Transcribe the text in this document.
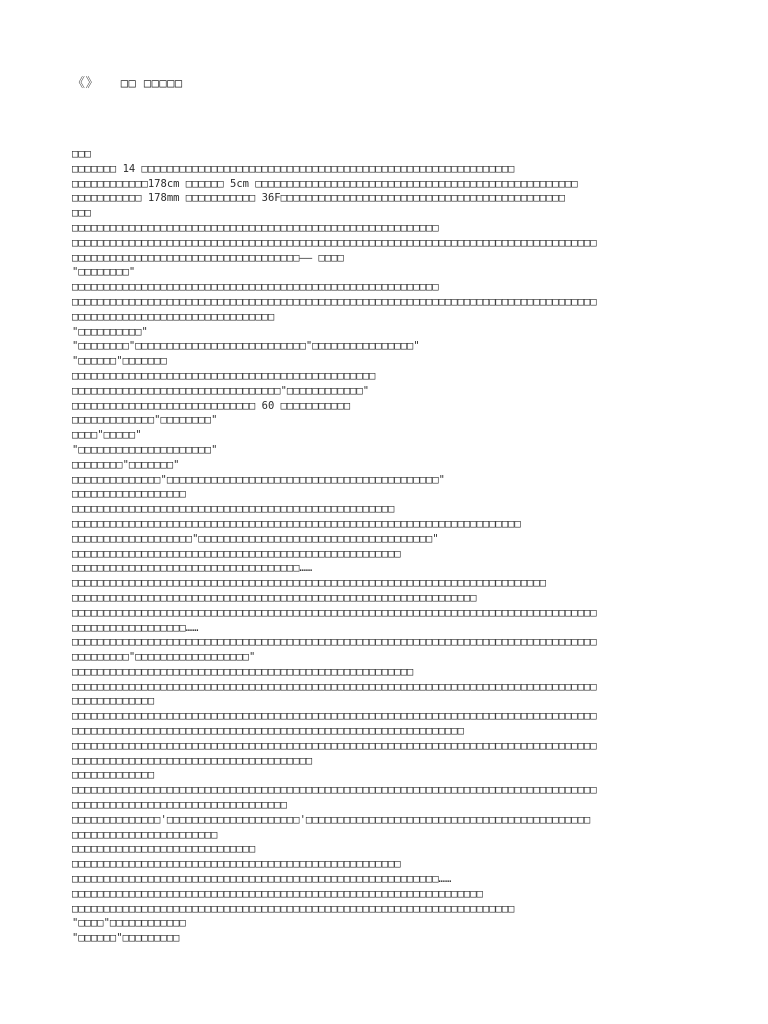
《》 □□ □□□□□
□□□
□□□□□□□ 14 □□□□□□□□□□□□□□□□□□□□□□□□□□□□□□□□□□□□□□□□□□□□□□□□□□□□□□□□□□□
□□□□□□□□□□□□178cm □□□□□□ 5cm □□□□□□□□□□□□□□□□□□□□□□□□□□□□□□□□□□□□□□□□□□□□□□□□□□□
□□□□□□□□□□□ 178mm □□□□□□□□□□□ 36F□□□□□□□□□□□□□□□□□□□□□□□□□□□□□□□□□□□□□□□□□□□□□
□□□
□□□□□□□□□□□□□□□□□□□□□□□□□□□□□□□□□□□□□□□□□□□□□□□□□□□□□□□□□□
□□□□□□□□□□□□□□□□□□□□□□□□□□□□□□□□□□□□□□□□□□□□□□□□□□□□□□□□□□□□□□□□□□□□□□□□□□□□□□□□□□□
□□□□□□□□□□□□□□□□□□□□□□□□□□□□□□□□□□□□—— □□□□
"□□□□□□□□"
□□□□□□□□□□□□□□□□□□□□□□□□□□□□□□□□□□□□□□□□□□□□□□□□□□□□□□□□□□
□□□□□□□□□□□□□□□□□□□□□□□□□□□□□□□□□□□□□□□□□□□□□□□□□□□□□□□□□□□□□□□□□□□□□□□□□□□□□□□□□□□
□□□□□□□□□□□□□□□□□□□□□□□□□□□□□□□□
"□□□□□□□□□□"
"□□□□□□□□"□□□□□□□□□□□□□□□□□□□□□□□□□□□"□□□□□□□□□□□□□□□□"
"□□□□□□"□□□□□□□
□□□□□□□□□□□□□□□□□□□□□□□□□□□□□□□□□□□□□□□□□□□□□□□□
□□□□□□□□□□□□□□□□□□□□□□□□□□□□□□□□□"□□□□□□□□□□□□"
□□□□□□□□□□□□□□□□□□□□□□□□□□□□□ 60 □□□□□□□□□□□
□□□□□□□□□□□□□"□□□□□□□□"
□□□□"□□□□□"
"□□□□□□□□□□□□□□□□□□□□□"
□□□□□□□□"□□□□□□□"
□□□□□□□□□□□□□□"□□□□□□□□□□□□□□□□□□□□□□□□□□□□□□□□□□□□□□□□□□□"
□□□□□□□□□□□□□□□□□□
□□□□□□□□□□□□□□□□□□□□□□□□□□□□□□□□□□□□□□□□□□□□□□□□□□□
□□□□□□□□□□□□□□□□□□□□□□□□□□□□□□□□□□□□□□□□□□□□□□□□□□□□□□□□□□□□□□□□□□□□□□□
□□□□□□□□□□□□□□□□□□□"□□□□□□□□□□□□□□□□□□□□□□□□□□□□□□□□□□□□□"
□□□□□□□□□□□□□□□□□□□□□□□□□□□□□□□□□□□□□□□□□□□□□□□□□□□□
□□□□□□□□□□□□□□□□□□□□□□□□□□□□□□□□□□□□……
□□□□□□□□□□□□□□□□□□□□□□□□□□□□□□□□□□□□□□□□□□□□□□□□□□□□□□□□□□□□□□□□□□□□□□□□□□□
□□□□□□□□□□□□□□□□□□□□□□□□□□□□□□□□□□□□□□□□□□□□□□□□□□□□□□□□□□□□□□□□
□□□□□□□□□□□□□□□□□□□□□□□□□□□□□□□□□□□□□□□□□□□□□□□□□□□□□□□□□□□□□□□□□□□□□□□□□□□□□□□□□□□
□□□□□□□□□□□□□□□□□□……
□□□□□□□□□□□□□□□□□□□□□□□□□□□□□□□□□□□□□□□□□□□□□□□□□□□□□□□□□□□□□□□□□□□□□□□□□□□□□□□□□□□
□□□□□□□□□"□□□□□□□□□□□□□□□□□□"
□□□□□□□□□□□□□□□□□□□□□□□□□□□□□□□□□□□□□□□□□□□□□□□□□□□□□□
□□□□□□□□□□□□□□□□□□□□□□□□□□□□□□□□□□□□□□□□□□□□□□□□□□□□□□□□□□□□□□□□□□□□□□□□□□□□□□□□□□□
□□□□□□□□□□□□□
□□□□□□□□□□□□□□□□□□□□□□□□□□□□□□□□□□□□□□□□□□□□□□□□□□□□□□□□□□□□□□□□□□□□□□□□□□□□□□□□□□□
□□□□□□□□□□□□□□□□□□□□□□□□□□□□□□□□□□□□□□□□□□□□□□□□□□□□□□□□□□□□□□
□□□□□□□□□□□□□□□□□□□□□□□□□□□□□□□□□□□□□□□□□□□□□□□□□□□□□□□□□□□□□□□□□□□□□□□□□□□□□□□□□□□
□□□□□□□□□□□□□□□□□□□□□□□□□□□□□□□□□□□□□□
□□□□□□□□□□□□□
□□□□□□□□□□□□□□□□□□□□□□□□□□□□□□□□□□□□□□□□□□□□□□□□□□□□□□□□□□□□□□□□□□□□□□□□□□□□□□□□□□□
□□□□□□□□□□□□□□□□□□□□□□□□□□□□□□□□□□
□□□□□□□□□□□□□□'□□□□□□□□□□□□□□□□□□□□□'□□□□□□□□□□□□□□□□□□□□□□□□□□□□□□□□□□□□□□□□□□□□□
□□□□□□□□□□□□□□□□□□□□□□□
□□□□□□□□□□□□□□□□□□□□□□□□□□□□□
□□□□□□□□□□□□□□□□□□□□□□□□□□□□□□□□□□□□□□□□□□□□□□□□□□□□
□□□□□□□□□□□□□□□□□□□□□□□□□□□□□□□□□□□□□□□□□□□□□□□□□□□□□□□□□□……
□□□□□□□□□□□□□□□□□□□□□□□□□□□□□□□□□□□□□□□□□□□□□□□□□□□□□□□□□□□□□□□□□
□□□□□□□□□□□□□□□□□□□□□□□□□□□□□□□□□□□□□□□□□□□□□□□□□□□□□□□□□□□□□□□□□□□□□□
"□□□□"□□□□□□□□□□□□
"□□□□□□"□□□□□□□□□
